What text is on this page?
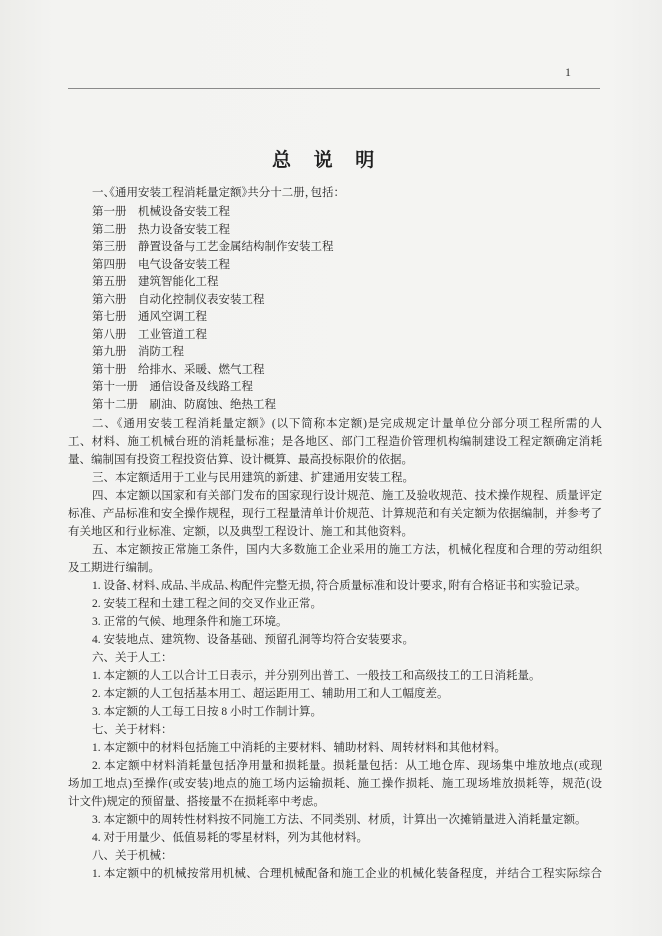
1
总 说 明
一、《通用安装工程消耗量定额》共分十二册，包括：
第一册 机械设备安装工程
第二册 热力设备安装工程
第三册 静置设备与工艺金属结构制作安装工程
第四册 电气设备安装工程
第五册 建筑智能化工程
第六册 自动化控制仪表安装工程
第七册 通风空调工程
第八册 工业管道工程
第九册 消防工程
第十册 给排水、采暖、燃气工程
第十一册 通信设备及线路工程
第十二册 刷油、防腐蚀、绝热工程
二、《通用安装工程消耗量定额》(以下简称本定额)是完成规定计量单位分部分项工程所需的人
工、材料、施工机械台班的消耗量标准；是各地区、部门工程造价管理机构编制建设工程定额确定消耗
量、编制国有投资工程投资估算、设计概算、最高投标限价的依据。
三、本定额适用于工业与民用建筑的新建、扩建通用安装工程。
四、本定额以国家和有关部门发布的国家现行设计规范、施工及验收规范、技术操作规程、质量评定
标准、产品标准和安全操作规程，现行工程量清单计价规范、计算规范和有关定额为依据编制，并参考了
有关地区和行业标准、定额，以及典型工程设计、施工和其他资料。
五、本定额按正常施工条件，国内大多数施工企业采用的施工方法，机械化程度和合理的劳动组织
及工期进行编制。
1. 设备、材料、成品、半成品、构配件完整无损，符合质量标准和设计要求，附有合格证书和实验记录。
2. 安装工程和土建工程之间的交叉作业正常。
3. 正常的气候、地理条件和施工环境。
4. 安装地点、建筑物、设备基础、预留孔洞等均符合安装要求。
六、关于人工：
1. 本定额的人工以合计工日表示，并分别列出普工、一般技工和高级技工的工日消耗量。
2. 本定额的人工包括基本用工、超运距用工、辅助用工和人工幅度差。
3. 本定额的人工每工日按 8 小时工作制计算。
七、关于材料：
1. 本定额中的材料包括施工中消耗的主要材料、辅助材料、周转材料和其他材料。
2. 本定额中材料消耗量包括净用量和损耗量。损耗量包括：从工地仓库、现场集中堆放地点(或现
场加工地点)至操作(或安装)地点的施工场内运输损耗、施工操作损耗、施工现场堆放损耗等，规范(设
计文件)规定的预留量、搭接量不在损耗率中考虑。
3. 本定额中的周转性材料按不同施工方法、不同类别、材质，计算出一次摊销量进入消耗量定额。
4. 对于用量少、低值易耗的零星材料，列为其他材料。
八、关于机械：
1. 本定额中的机械按常用机械、合理机械配备和施工企业的机械化装备程度，并结合工程实际综合
